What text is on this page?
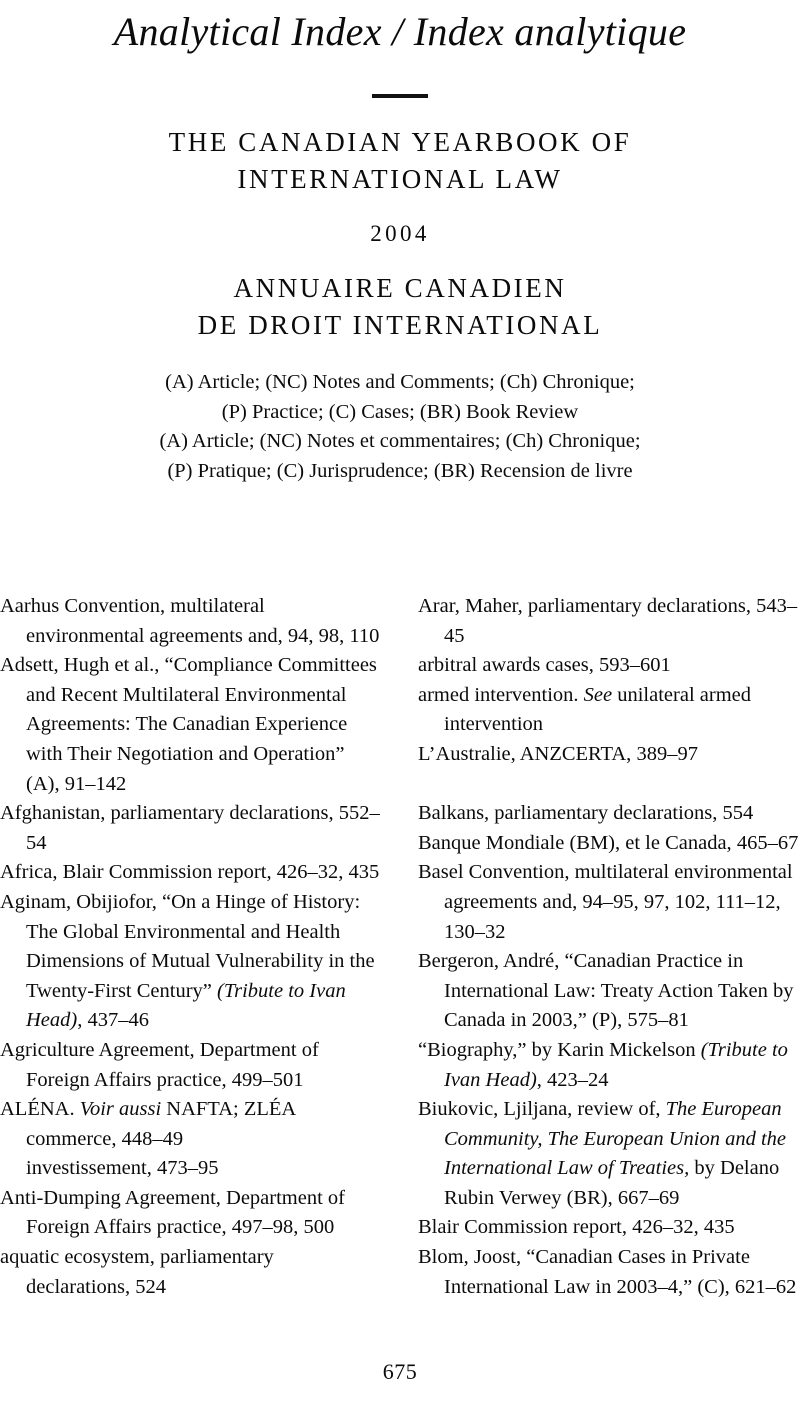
Analytical Index / Index analytique
THE CANADIAN YEARBOOK OF
INTERNATIONAL LAW
2004
ANNUAIRE CANADIEN
DE DROIT INTERNATIONAL
(A) Article; (NC) Notes and Comments; (Ch) Chronique;
(P) Practice; (C) Cases; (BR) Book Review
(A) Article; (NC) Notes et commentaires; (Ch) Chronique;
(P) Pratique; (C) Jurisprudence; (BR) Recension de livre
Aarhus Convention, multilateral environmental agreements and, 94, 98, 110
Adsett, Hugh et al., “Compliance Committees and Recent Multilateral Environmental Agreements: The Canadian Experience with Their Negotiation and Operation” (A), 91–142
Afghanistan, parliamentary declarations, 552–54
Africa, Blair Commission report, 426–32, 435
Aginam, Obijiofor, “On a Hinge of History: The Global Environmental and Health Dimensions of Mutual Vulnerability in the Twenty-First Century” (Tribute to Ivan Head), 437–46
Agriculture Agreement, Department of Foreign Affairs practice, 499–501
ALÉNA. Voir aussi NAFTA; ZLÉA
commerce, 448–49
investissement, 473–95
Anti-Dumping Agreement, Department of Foreign Affairs practice, 497–98, 500
aquatic ecosystem, parliamentary declarations, 524
Arar, Maher, parliamentary declarations, 543–45
arbitral awards cases, 593–601
armed intervention. See unilateral armed intervention
L’Australie, ANZCERTA, 389–97
Balkans, parliamentary declarations, 554
Banque Mondiale (BM), et le Canada, 465–67
Basel Convention, multilateral environmental agreements and, 94–95, 97, 102, 111–12, 130–32
Bergeron, André, “Canadian Practice in International Law: Treaty Action Taken by Canada in 2003,” (P), 575–81
“Biography,” by Karin Mickelson (Tribute to Ivan Head), 423–24
Biukovic, Ljiljana, review of, The European Community, The European Union and the International Law of Treaties, by Delano Rubin Verwey (BR), 667–69
Blair Commission report, 426–32, 435
Blom, Joost, “Canadian Cases in Private International Law in 2003–4,” (C), 621–62
675
